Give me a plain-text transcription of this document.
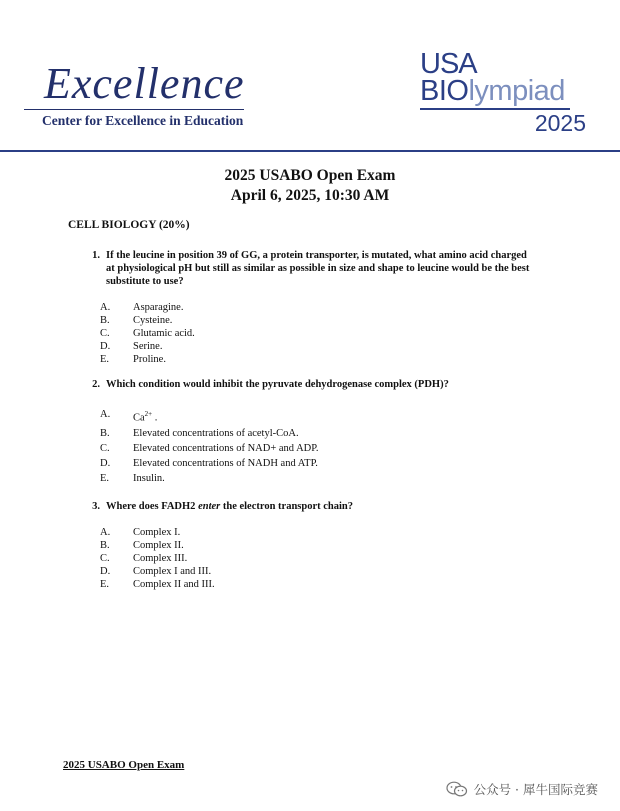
Excellence
Center for Excellence in Education
USA
BIOlympiad
2025
2025 USABO Open Exam
April 6, 2025, 10:30 AM
CELL BIOLOGY (20%)
1. If the leucine in position 39 of GG, a protein transporter, is mutated, what amino acid charged at physiological pH but still as similar as possible in size and shape to leucine would be the best substitute to use?
A.	Asparagine.
B.	Cysteine.
C.	Glutamic acid.
D.	Serine.
E.	Proline.
2. Which condition would inhibit the pyruvate dehydrogenase complex (PDH)?
A.	$Ca^{2+}$ .
B.	Elevated concentrations of acetyl-CoA.
C.	Elevated concentrations of NAD+ and ADP.
D.	Elevated concentrations of NADH and ATP.
E.	Insulin.
3. Where does FADH2 enter the electron transport chain?
A.	Complex I.
B.	Complex II.
C.	Complex III.
D.	Complex I and III.
E.	Complex II and III.
2025 USABO Open Exam
公众号 · 犀牛国际竞赛
